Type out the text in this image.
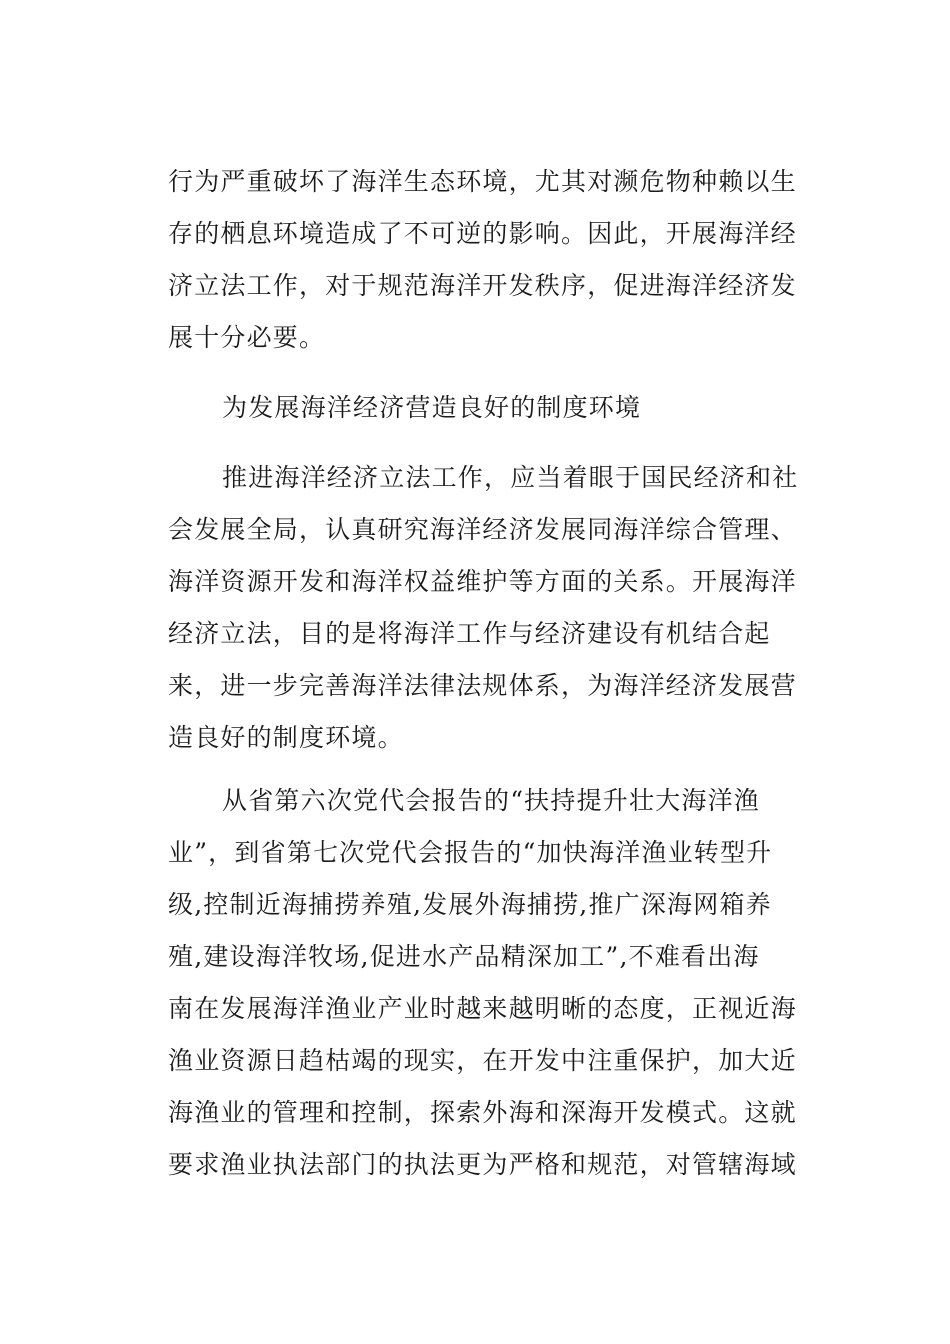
行为严重破坏了海洋生态环境，尤其对濒危物种赖以生
存的栖息环境造成了不可逆的影响。因此，开展海洋经
济立法工作，对于规范海洋开发秩序，促进海洋经济发
展十分必要。
为发展海洋经济营造良好的制度环境
推进海洋经济立法工作，应当着眼于国民经济和社
会发展全局，认真研究海洋经济发展同海洋综合管理、
海洋资源开发和海洋权益维护等方面的关系。开展海洋
经济立法，目的是将海洋工作与经济建设有机结合起
来，进一步完善海洋法律法规体系，为海洋经济发展营
造良好的制度环境。
从省第六次党代会报告的“扶持提升壮大海洋渔
业”，到省第七次党代会报告的“加快海洋渔业转型升
级,控制近海捕捞养殖,发展外海捕捞,推广深海网箱养
殖,建设海洋牧场,促进水产品精深加工”,不难看出海
南在发展海洋渔业产业时越来越明晰的态度，正视近海
渔业资源日趋枯竭的现实，在开发中注重保护，加大近
海渔业的管理和控制，探索外海和深海开发模式。这就
要求渔业执法部门的执法更为严格和规范，对管辖海域
